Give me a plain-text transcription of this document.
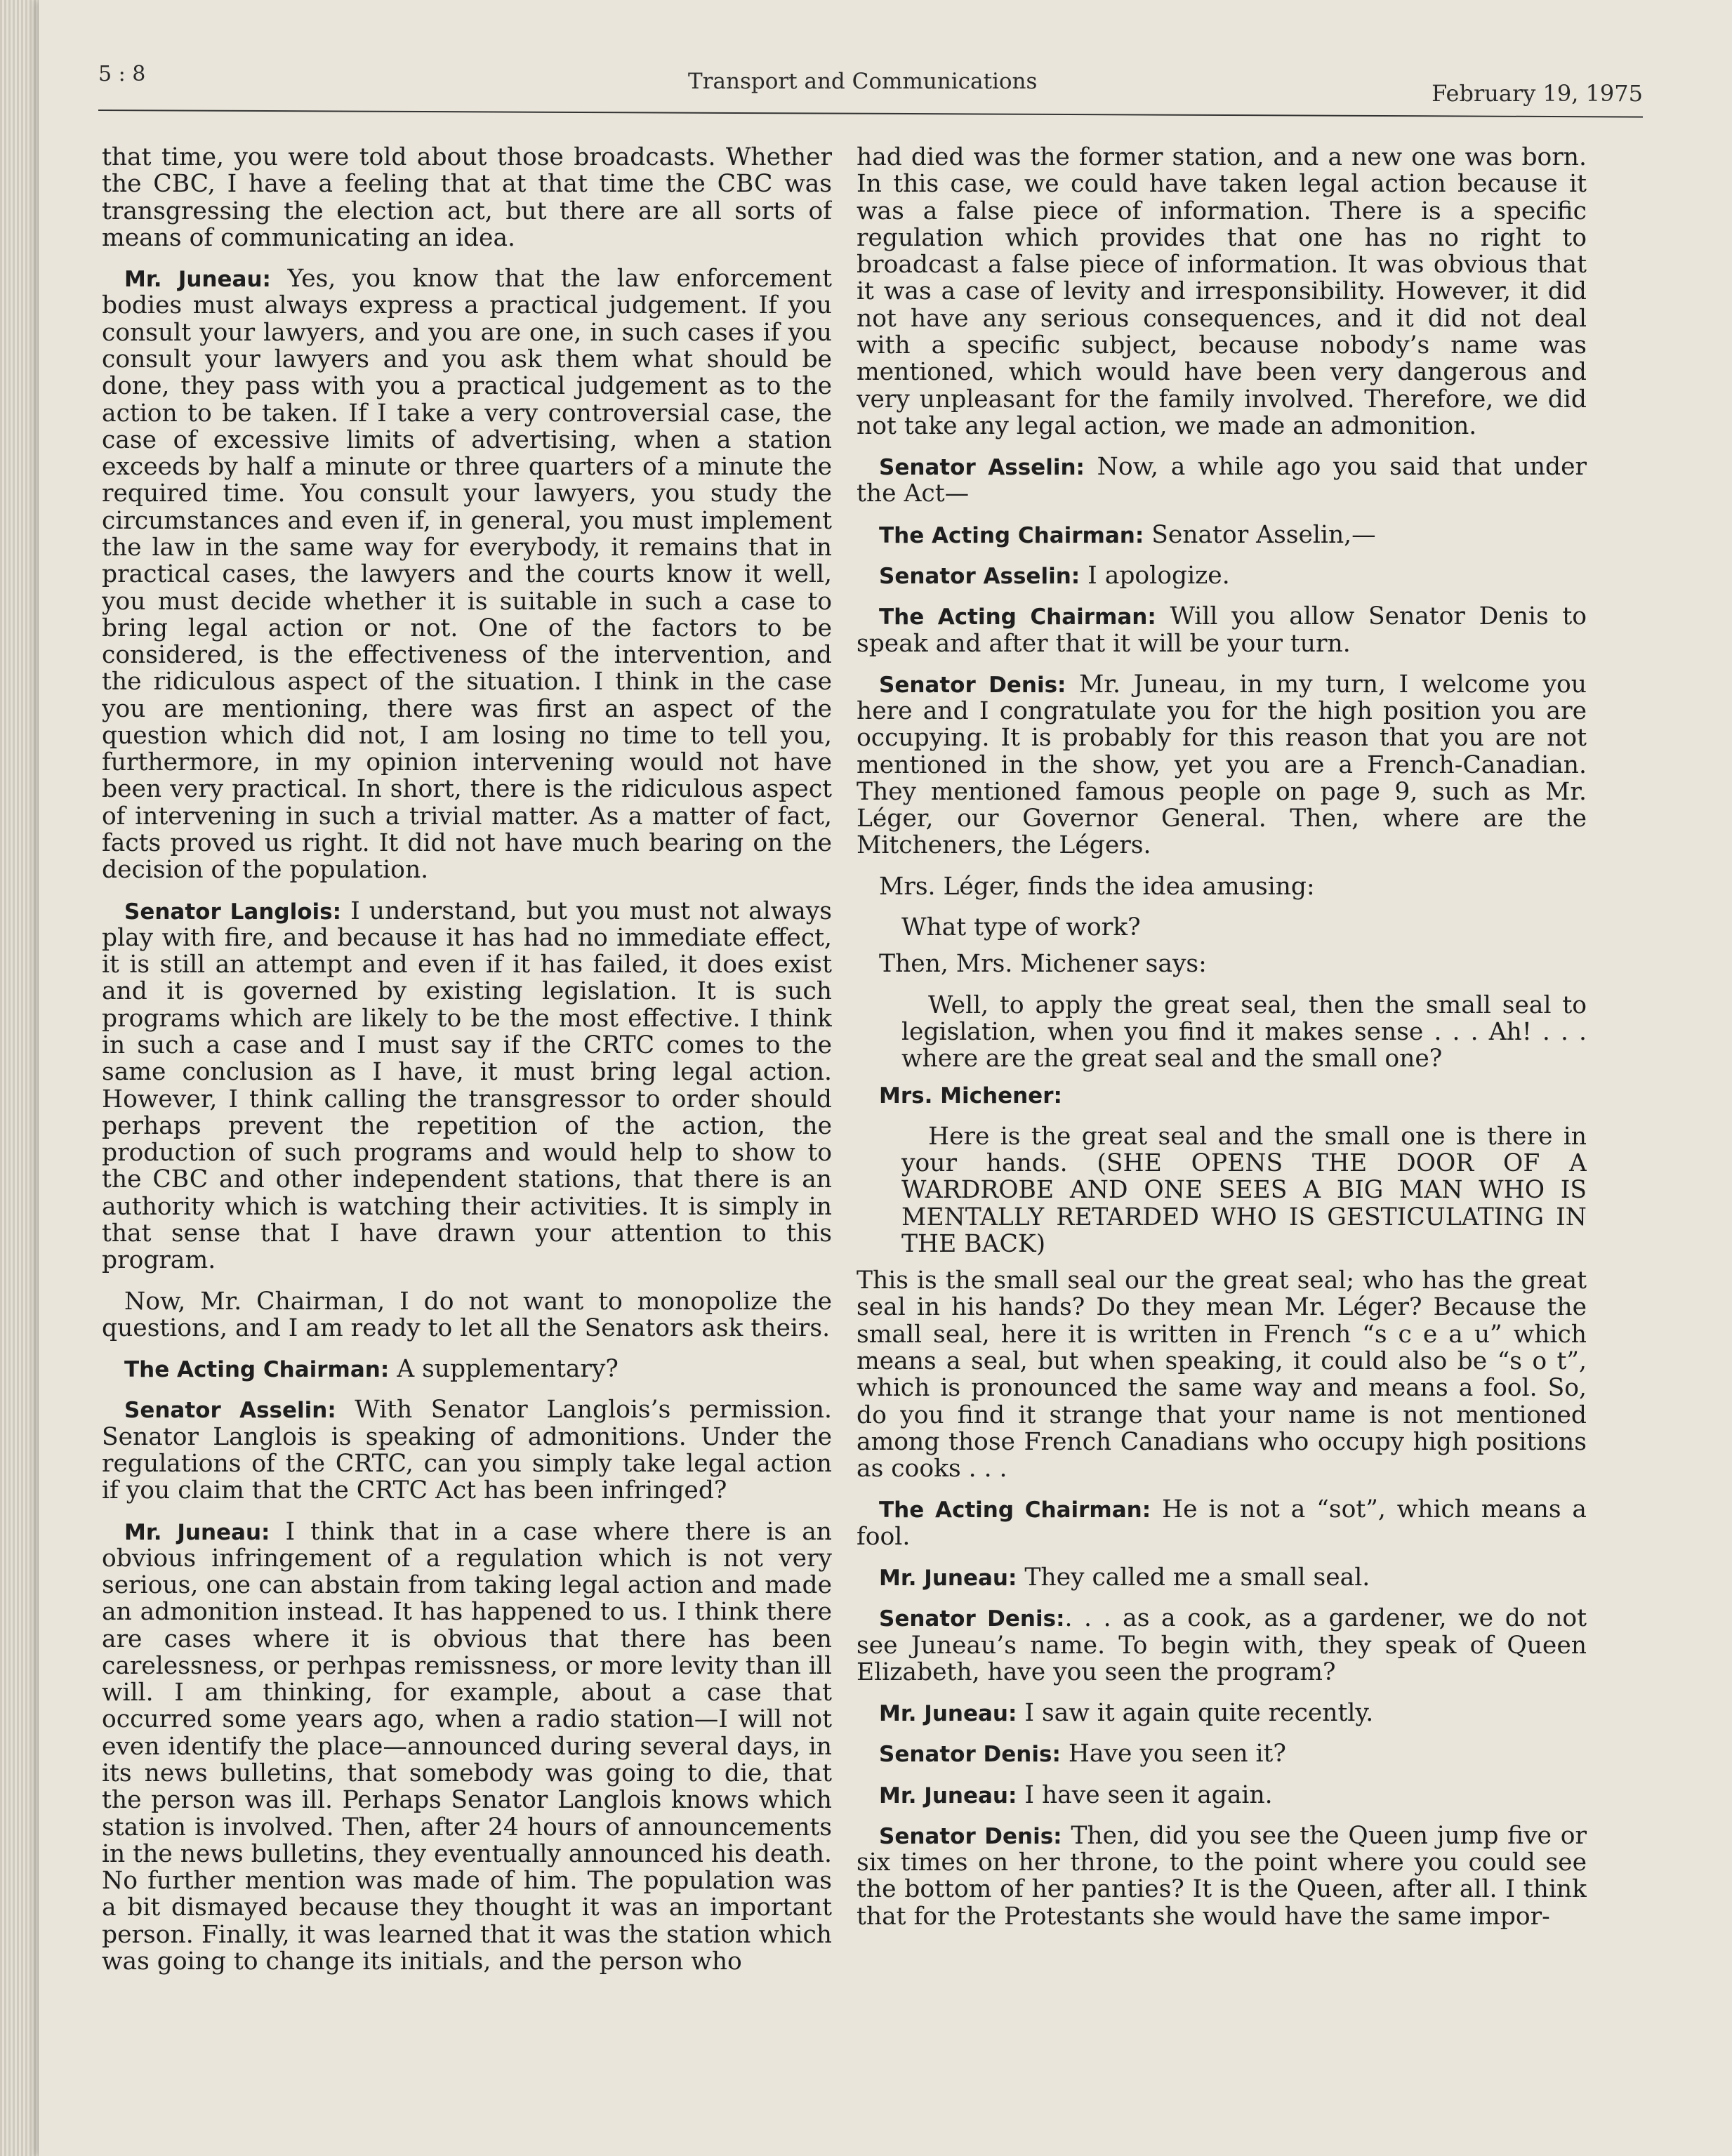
5 : 8	Transport and Communications	February 19, 1975

that time, you were told about those broadcasts. Whether the CBC, I have a feeling that at that time the CBC was transgressing the election act, but there are all sorts of means of communicating an idea.

Mr. Juneau: Yes, you know that the law enforcement bodies must always express a practical judgement. If you consult your lawyers, and you are one, in such cases if you consult your lawyers and you ask them what should be done, they pass with you a practical judgement as to the action to be taken. If I take a very controversial case, the case of excessive limits of advertising, when a station exceeds by half a minute or three quarters of a minute the required time. You consult your lawyers, you study the circumstances and even if, in general, you must implement the law in the same way for everybody, it remains that in practical cases, the lawyers and the courts know it well, you must decide whether it is suitable in such a case to bring legal action or not. One of the factors to be considered, is the effectiveness of the intervention, and the ridiculous aspect of the situation. I think in the case you are mentioning, there was first an aspect of the question which did not, I am losing no time to tell you, furthermore, in my opinion intervening would not have been very practical. In short, there is the ridiculous aspect of intervening in such a trivial matter. As a matter of fact, facts proved us right. It did not have much bearing on the decision of the population.

Senator Langlois: I understand, but you must not always play with fire, and because it has had no immediate effect, it is still an attempt and even if it has failed, it does exist and it is governed by existing legislation. It is such programs which are likely to be the most effective. I think in such a case and I must say if the CRTC comes to the same conclusion as I have, it must bring legal action. However, I think calling the transgressor to order should perhaps prevent the repetition of the action, the production of such programs and would help to show to the CBC and other independent stations, that there is an authority which is watching their activities. It is simply in that sense that I have drawn your attention to this program.

Now, Mr. Chairman, I do not want to monopolize the questions, and I am ready to let all the Senators ask theirs.

The Acting Chairman: A supplementary?

Senator Asselin: With Senator Langlois’s permission. Senator Langlois is speaking of admonitions. Under the regulations of the CRTC, can you simply take legal action if you claim that the CRTC Act has been infringed?

Mr. Juneau: I think that in a case where there is an obvious infringement of a regulation which is not very serious, one can abstain from taking legal action and made an admonition instead. It has happened to us. I think there are cases where it is obvious that there has been carelessness, or perhpas remissness, or more levity than ill will. I am thinking, for example, about a case that occurred some years ago, when a radio station—I will not even identify the place—announced during several days, in its news bulletins, that somebody was going to die, that the person was ill. Perhaps Senator Langlois knows which station is involved. Then, after 24 hours of announcements in the news bulletins, they eventually announced his death. No further mention was made of him. The population was a bit dismayed because they thought it was an important person. Finally, it was learned that it was the station which was going to change its initials, and the person who

had died was the former station, and a new one was born. In this case, we could have taken legal action because it was a false piece of information. There is a specific regulation which provides that one has no right to broadcast a false piece of information. It was obvious that it was a case of levity and irresponsibility. However, it did not have any serious consequences, and it did not deal with a specific subject, because nobody’s name was mentioned, which would have been very dangerous and very unpleasant for the family involved. Therefore, we did not take any legal action, we made an admonition.

Senator Asselin: Now, a while ago you said that under the Act—

The Acting Chairman: Senator Asselin,—

Senator Asselin: I apologize.

The Acting Chairman: Will you allow Senator Denis to speak and after that it will be your turn.

Senator Denis: Mr. Juneau, in my turn, I welcome you here and I congratulate you for the high position you are occupying. It is probably for this reason that you are not mentioned in the show, yet you are a French-Canadian. They mentioned famous people on page 9, such as Mr. Léger, our Governor General. Then, where are the Mitcheners, the Légers.

Mrs. Léger, finds the idea amusing:

What type of work?

Then, Mrs. Michener says:

Well, to apply the great seal, then the small seal to legislation, when you find it makes sense . . . Ah! . . . where are the great seal and the small one?

Mrs. Michener:

Here is the great seal and the small one is there in your hands. (SHE OPENS THE DOOR OF A WARDROBE AND ONE SEES A BIG MAN WHO IS MENTALLY RETARDED WHO IS GESTICULATING IN THE BACK)

This is the small seal our the great seal; who has the great seal in his hands? Do they mean Mr. Léger? Because the small seal, here it is written in French “s c e a u” which means a seal, but when speaking, it could also be “s o t”, which is pronounced the same way and means a fool. So, do you find it strange that your name is not mentioned among those French Canadians who occupy high positions as cooks . . .

The Acting Chairman: He is not a “sot”, which means a fool.

Mr. Juneau: They called me a small seal.

Senator Denis:. . . as a cook, as a gardener, we do not see Juneau’s name. To begin with, they speak of Queen Elizabeth, have you seen the program?

Mr. Juneau: I saw it again quite recently.

Senator Denis: Have you seen it?

Mr. Juneau: I have seen it again.

Senator Denis: Then, did you see the Queen jump five or six times on her throne, to the point where you could see the bottom of her panties? It is the Queen, after all. I think that for the Protestants she would have the same impor-
